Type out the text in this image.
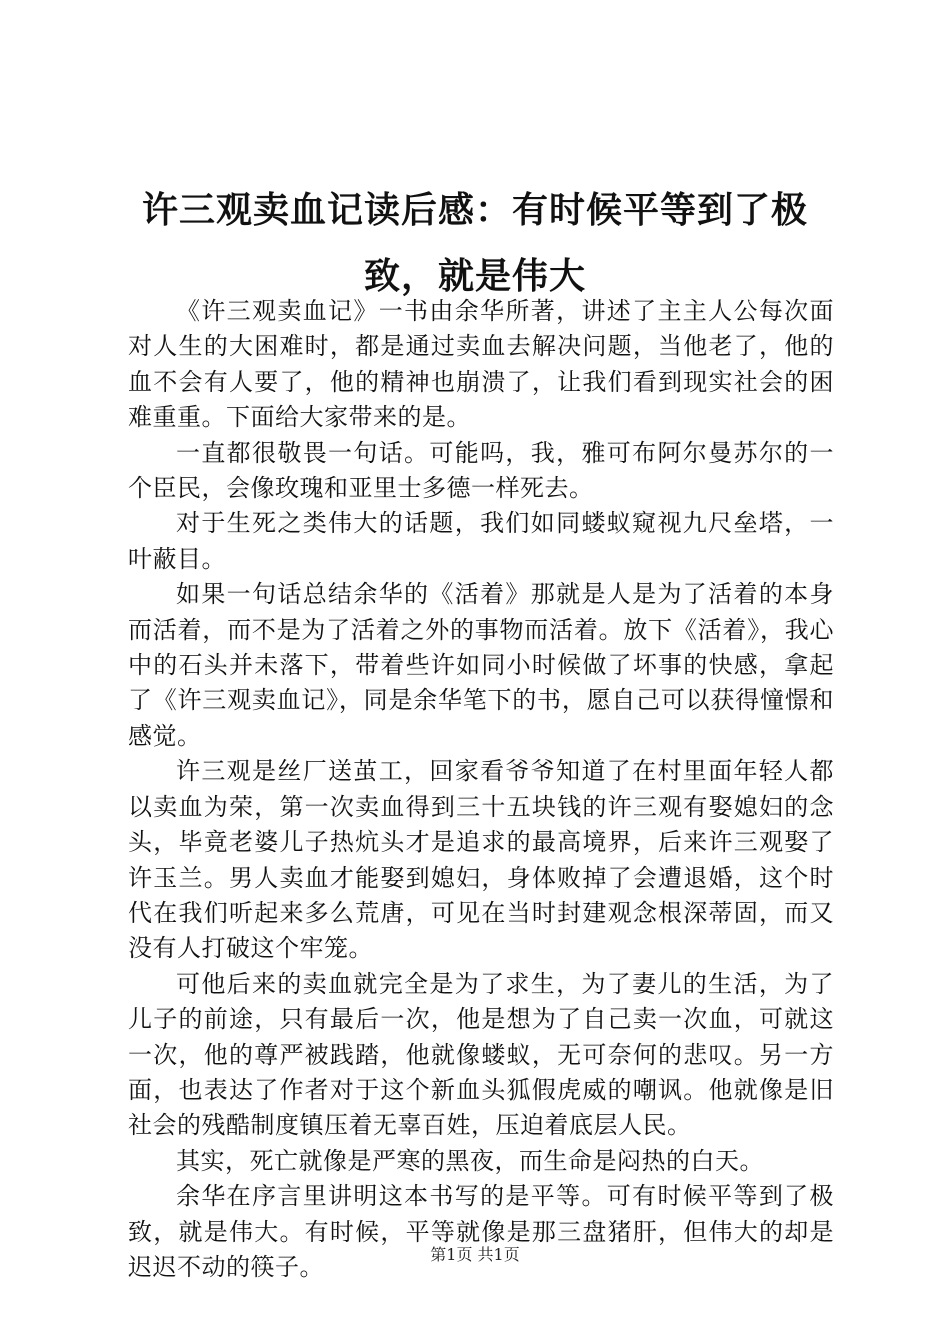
许三观卖血记读后感：有时候平等到了极致，就是伟大

《许三观卖血记》一书由余华所著，讲述了主主人公每次面对人生的大困难时，都是通过卖血去解决问题，当他老了，他的血不会有人要了，他的精神也崩溃了，让我们看到现实社会的困难重重。下面给大家带来的是。

一直都很敬畏一句话。可能吗，我，雅可布阿尔曼苏尔的一个臣民，会像玫瑰和亚里士多德一样死去。

对于生死之类伟大的话题，我们如同蝼蚁窥视九尺垒塔，一叶蔽目。

如果一句话总结余华的《活着》那就是人是为了活着的本身而活着，而不是为了活着之外的事物而活着。放下《活着》，我心中的石头并未落下，带着些许如同小时候做了坏事的快感，拿起了《许三观卖血记》，同是余华笔下的书，愿自己可以获得憧憬和感觉。

许三观是丝厂送茧工，回家看爷爷知道了在村里面年轻人都以卖血为荣，第一次卖血得到三十五块钱的许三观有娶媳妇的念头，毕竟老婆儿子热炕头才是追求的最高境界，后来许三观娶了许玉兰。男人卖血才能娶到媳妇，身体败掉了会遭退婚，这个时代在我们听起来多么荒唐，可见在当时封建观念根深蒂固，而又没有人打破这个牢笼。

可他后来的卖血就完全是为了求生，为了妻儿的生活，为了儿子的前途，只有最后一次，他是想为了自己卖一次血，可就这一次，他的尊严被践踏，他就像蝼蚁，无可奈何的悲叹。另一方面，也表达了作者对于这个新血头狐假虎威的嘲讽。他就像是旧社会的残酷制度镇压着无辜百姓，压迫着底层人民。

其实，死亡就像是严寒的黑夜，而生命是闷热的白天。

余华在序言里讲明这本书写的是平等。可有时候平等到了极致，就是伟大。有时候，平等就像是那三盘猪肝，但伟大的却是迟迟不动的筷子。	第1页 共1页
